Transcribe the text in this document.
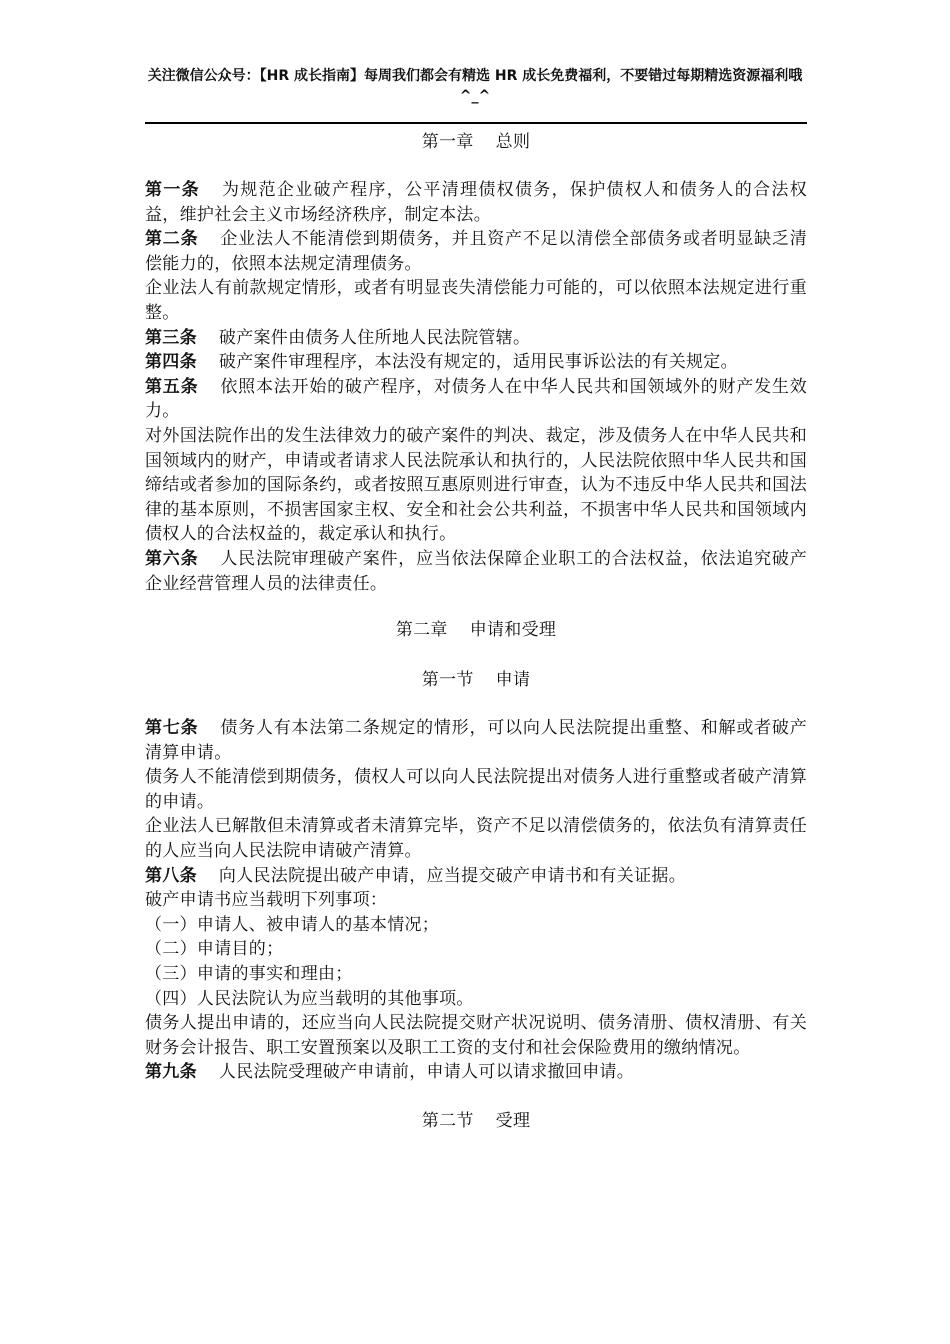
关注微信公众号：【HR 成长指南】每周我们都会有精选 HR 成长免费福利，不要错过每期精选资源福利哦
^_^

第一章 总则

第一条 为规范企业破产程序，公平清理债权债务，保护债权人和债务人的合法权益，维护社会主义市场经济秩序，制定本法。

第二条 企业法人不能清偿到期债务，并且资产不足以清偿全部债务或者明显缺乏清偿能力的，依照本法规定清理债务。

企业法人有前款规定情形，或者有明显丧失清偿能力可能的，可以依照本法规定进行重整。

第三条 破产案件由债务人住所地人民法院管辖。

第四条 破产案件审理程序，本法没有规定的，适用民事诉讼法的有关规定。

第五条 依照本法开始的破产程序，对债务人在中华人民共和国领域外的财产发生效力。

对外国法院作出的发生法律效力的破产案件的判决、裁定，涉及债务人在中华人民共和国领域内的财产，申请或者请求人民法院承认和执行的，人民法院依照中华人民共和国缔结或者参加的国际条约，或者按照互惠原则进行审查，认为不违反中华人民共和国法律的基本原则，不损害国家主权、安全和社会公共利益，不损害中华人民共和国领域内债权人的合法权益的，裁定承认和执行。

第六条 人民法院审理破产案件，应当依法保障企业职工的合法权益，依法追究破产企业经营管理人员的法律责任。

第二章 申请和受理

第一节 申请

第七条 债务人有本法第二条规定的情形，可以向人民法院提出重整、和解或者破产清算申请。

债务人不能清偿到期债务，债权人可以向人民法院提出对债务人进行重整或者破产清算的申请。

企业法人已解散但未清算或者未清算完毕，资产不足以清偿债务的，依法负有清算责任的人应当向人民法院申请破产清算。

第八条 向人民法院提出破产申请，应当提交破产申请书和有关证据。

破产申请书应当载明下列事项：

（一）申请人、被申请人的基本情况；

（二）申请目的；

（三）申请的事实和理由；

（四）人民法院认为应当载明的其他事项。

债务人提出申请的，还应当向人民法院提交财产状况说明、债务清册、债权清册、有关财务会计报告、职工安置预案以及职工工资的支付和社会保险费用的缴纳情况。

第九条 人民法院受理破产申请前，申请人可以请求撤回申请。

第二节 受理
